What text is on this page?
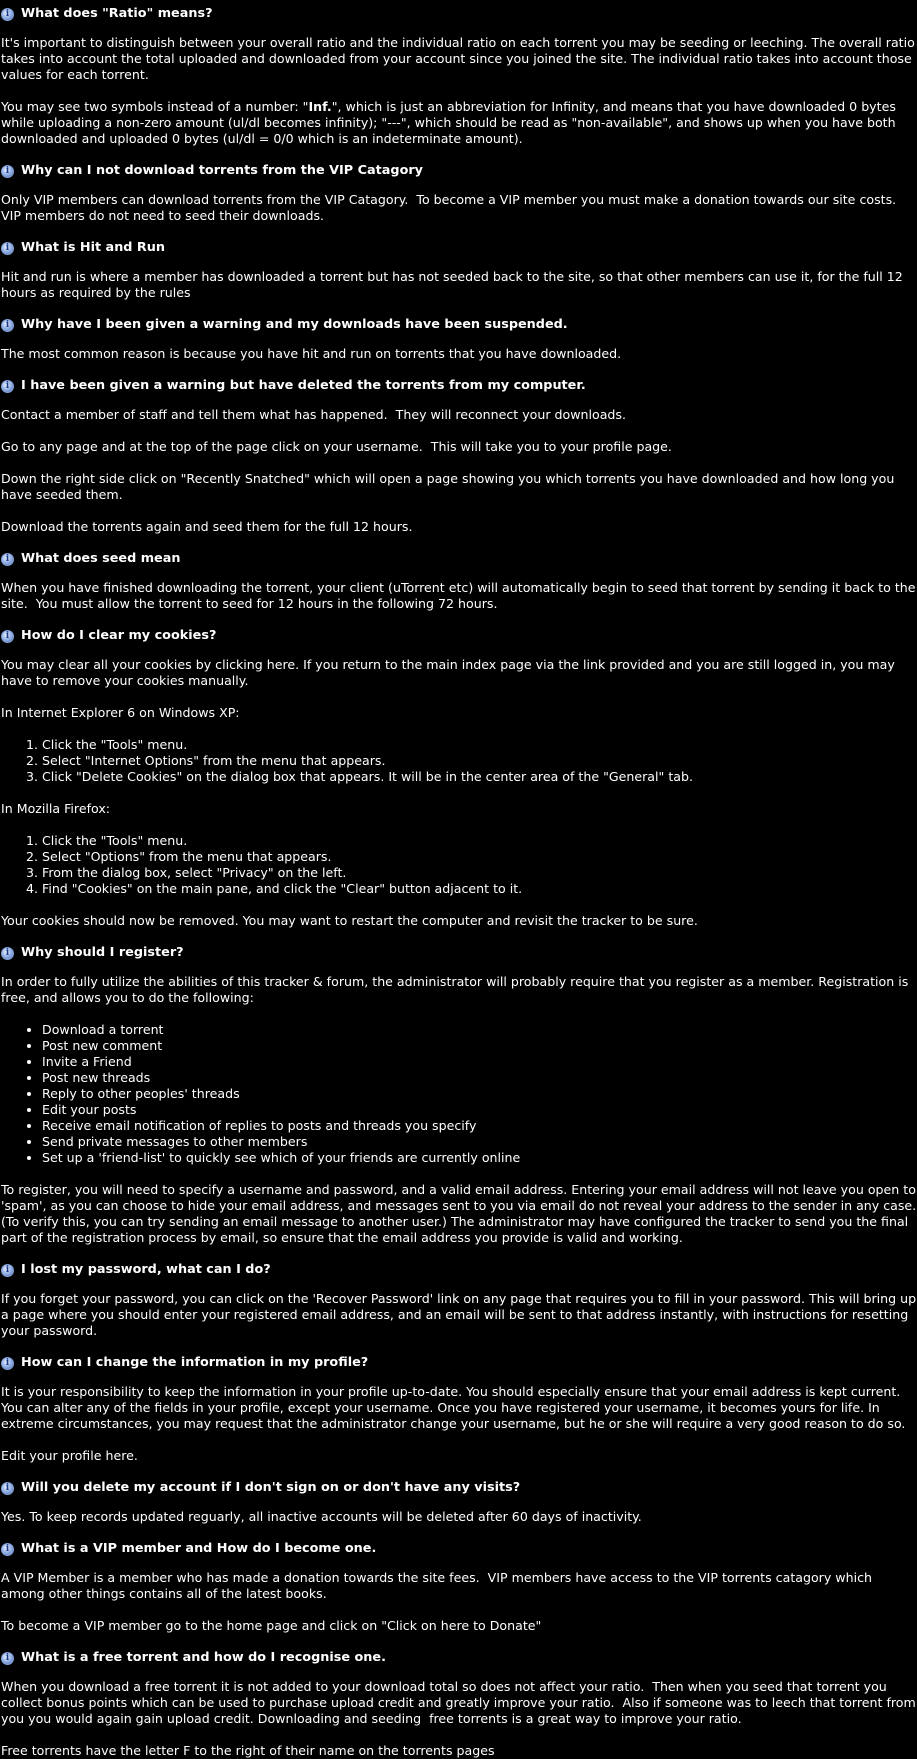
i What does "Ratio" means?
It's important to distinguish between your overall ratio and the individual ratio on each torrent you may be seeding or leeching. The overall ratio takes into account the total uploaded and downloaded from your account since you joined the site. The individual ratio takes into account those values for each torrent.
You may see two symbols instead of a number: "Inf.", which is just an abbreviation for Infinity, and means that you have downloaded 0 bytes while uploading a non-zero amount (ul/dl becomes infinity); "---", which should be read as "non-available", and shows up when you have both downloaded and uploaded 0 bytes (ul/dl = 0/0 which is an indeterminate amount).
i Why can I not download torrents from the VIP Catagory
Only VIP members can download torrents from the VIP Catagory.  To become a VIP member you must make a donation towards our site costs. VIP members do not need to seed their downloads.
i What is Hit and Run
Hit and run is where a member has downloaded a torrent but has not seeded back to the site, so that other members can use it, for the full 12 hours as required by the rules
i Why have I been given a warning and my downloads have been suspended.
The most common reason is because you have hit and run on torrents that you have downloaded.
i I have been given a warning but have deleted the torrents from my computer.
Contact a member of staff and tell them what has happened.  They will reconnect your downloads.
Go to any page and at the top of the page click on your username.  This will take you to your profile page.
Down the right side click on "Recently Snatched" which will open a page showing you which torrents you have downloaded and how long you have seeded them.
Download the torrents again and seed them for the full 12 hours.
i What does seed mean
When you have finished downloading the torrent, your client (uTorrent etc) will automatically begin to seed that torrent by sending it back to the site.  You must allow the torrent to seed for 12 hours in the following 72 hours.
i How do I clear my cookies?
You may clear all your cookies by clicking here. If you return to the main index page via the link provided and you are still logged in, you may have to remove your cookies manually.
In Internet Explorer 6 on Windows XP:
1. Click the "Tools" menu.
2. Select "Internet Options" from the menu that appears.
3. Click "Delete Cookies" on the dialog box that appears. It will be in the center area of the "General" tab.
In Mozilla Firefox:
1. Click the "Tools" menu.
2. Select "Options" from the menu that appears.
3. From the dialog box, select "Privacy" on the left.
4. Find "Cookies" on the main pane, and click the "Clear" button adjacent to it.
Your cookies should now be removed. You may want to restart the computer and revisit the tracker to be sure.
i Why should I register?
In order to fully utilize the abilities of this tracker & forum, the administrator will probably require that you register as a member. Registration is free, and allows you to do the following:
• Download a torrent
• Post new comment
• Invite a Friend
• Post new threads
• Reply to other peoples' threads
• Edit your posts
• Receive email notification of replies to posts and threads you specify
• Send private messages to other members
• Set up a 'friend-list' to quickly see which of your friends are currently online
To register, you will need to specify a username and password, and a valid email address. Entering your email address will not leave you open to 'spam', as you can choose to hide your email address, and messages sent to you via email do not reveal your address to the sender in any case. (To verify this, you can try sending an email message to another user.) The administrator may have configured the tracker to send you the final part of the registration process by email, so ensure that the email address you provide is valid and working.
i I lost my password, what can I do?
If you forget your password, you can click on the 'Recover Password' link on any page that requires you to fill in your password. This will bring up a page where you should enter your registered email address, and an email will be sent to that address instantly, with instructions for resetting your password.
i How can I change the information in my profile?
It is your responsibility to keep the information in your profile up-to-date. You should especially ensure that your email address is kept current. You can alter any of the fields in your profile, except your username. Once you have registered your username, it becomes yours for life. In extreme circumstances, you may request that the administrator change your username, but he or she will require a very good reason to do so.
Edit your profile here.
i Will you delete my account if I don't sign on or don't have any visits?
Yes. To keep records updated reguarly, all inactive accounts will be deleted after 60 days of inactivity.
i What is a VIP member and How do I become one.
A VIP Member is a member who has made a donation towards the site fees.  VIP members have access to the VIP torrents catagory which among other things contains all of the latest books.
To become a VIP member go to the home page and click on "Click on here to Donate"
i What is a free torrent and how do I recognise one.
When you download a free torrent it is not added to your download total so does not affect your ratio.  Then when you seed that torrent you collect bonus points which can be used to purchase upload credit and greatly improve your ratio.  Also if someone was to leech that torrent from you you would again gain upload credit. Downloading and seeding  free torrents is a great way to improve your ratio.
Free torrents have the letter F to the right of their name on the torrents pages
